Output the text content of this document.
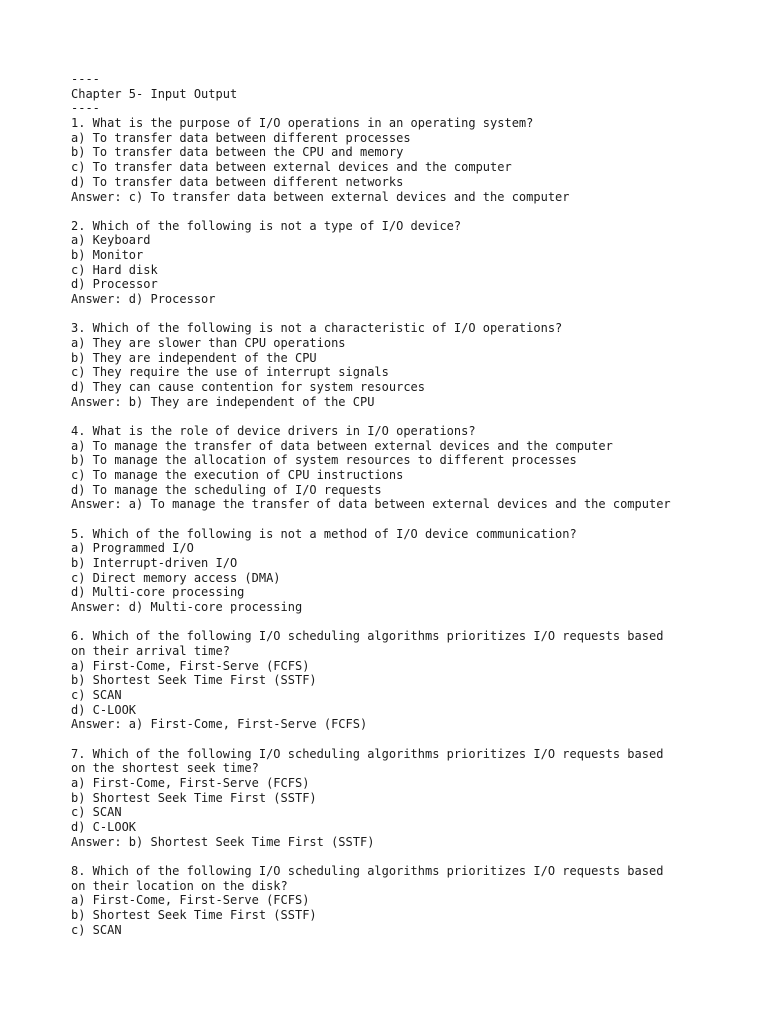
----
Chapter 5- Input Output
----
1. What is the purpose of I/O operations in an operating system?
a) To transfer data between different processes
b) To transfer data between the CPU and memory
c) To transfer data between external devices and the computer
d) To transfer data between different networks
Answer: c) To transfer data between external devices and the computer
2. Which of the following is not a type of I/O device?
a) Keyboard
b) Monitor
c) Hard disk
d) Processor
Answer: d) Processor
3. Which of the following is not a characteristic of I/O operations?
a) They are slower than CPU operations
b) They are independent of the CPU
c) They require the use of interrupt signals
d) They can cause contention for system resources
Answer: b) They are independent of the CPU
4. What is the role of device drivers in I/O operations?
a) To manage the transfer of data between external devices and the computer
b) To manage the allocation of system resources to different processes
c) To manage the execution of CPU instructions
d) To manage the scheduling of I/O requests
Answer: a) To manage the transfer of data between external devices and the computer
5. Which of the following is not a method of I/O device communication?
a) Programmed I/O
b) Interrupt-driven I/O
c) Direct memory access (DMA)
d) Multi-core processing
Answer: d) Multi-core processing
6. Which of the following I/O scheduling algorithms prioritizes I/O requests based
on their arrival time?
a) First-Come, First-Serve (FCFS)
b) Shortest Seek Time First (SSTF)
c) SCAN
d) C-LOOK
Answer: a) First-Come, First-Serve (FCFS)
7. Which of the following I/O scheduling algorithms prioritizes I/O requests based
on the shortest seek time?
a) First-Come, First-Serve (FCFS)
b) Shortest Seek Time First (SSTF)
c) SCAN
d) C-LOOK
Answer: b) Shortest Seek Time First (SSTF)
8. Which of the following I/O scheduling algorithms prioritizes I/O requests based
on their location on the disk?
a) First-Come, First-Serve (FCFS)
b) Shortest Seek Time First (SSTF)
c) SCAN
